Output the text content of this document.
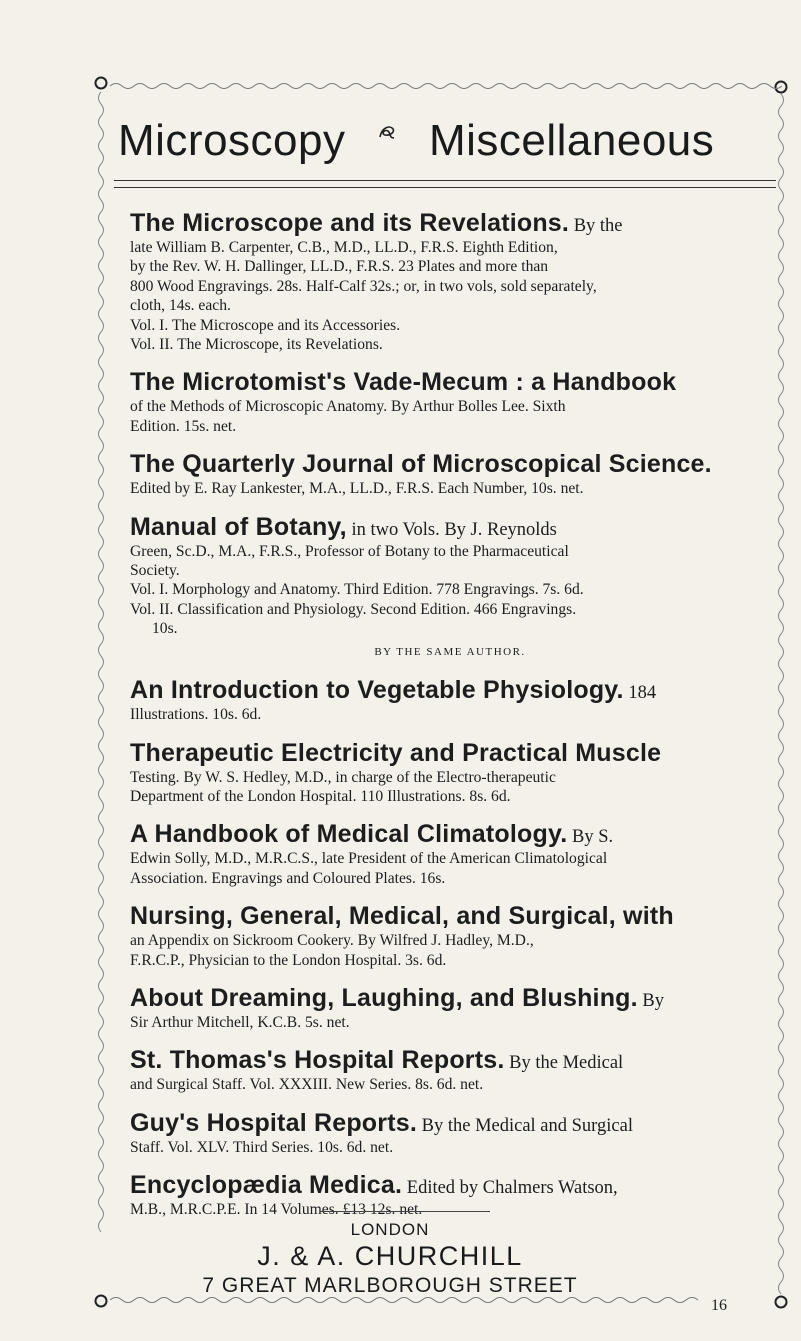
Microscopy Miscellaneous
The Microscope and its Revelations. By the
late William B. Carpenter, C.B., M.D., LL.D., F.R.S. Eighth Edition,
by the Rev. W. H. Dallinger, LL.D., F.R.S. 23 Plates and more than
800 Wood Engravings. 28s. Half-Calf 32s.; or, in two vols, sold separately,
cloth, 14s. each.
Vol. I. The Microscope and its Accessories.
Vol. II. The Microscope, its Revelations.
The Microtomist's Vade-Mecum : a Handbook
of the Methods of Microscopic Anatomy. By Arthur Bolles Lee. Sixth
Edition. 15s. net.
The Quarterly Journal of Microscopical Science.
Edited by E. Ray Lankester, M.A., LL.D., F.R.S. Each Number, 10s. net.
Manual of Botany, in two Vols. By J. Reynolds
Green, Sc.D., M.A., F.R.S., Professor of Botany to the Pharmaceutical
Society.
Vol. I. Morphology and Anatomy. Third Edition. 778 Engravings. 7s. 6d.
Vol. II. Classification and Physiology. Second Edition. 466 Engravings.
10s.
BY THE SAME AUTHOR.
An Introduction to Vegetable Physiology. 184
Illustrations. 10s. 6d.
Therapeutic Electricity and Practical Muscle
Testing. By W. S. Hedley, M.D., in charge of the Electro-therapeutic
Department of the London Hospital. 110 Illustrations. 8s. 6d.
A Handbook of Medical Climatology. By S.
Edwin Solly, M.D., M.R.C.S., late President of the American Climatological
Association. Engravings and Coloured Plates. 16s.
Nursing, General, Medical, and Surgical, with
an Appendix on Sickroom Cookery. By Wilfred J. Hadley, M.D.,
F.R.C.P., Physician to the London Hospital. 3s. 6d.
About Dreaming, Laughing, and Blushing. By
Sir Arthur Mitchell, K.C.B. 5s. net.
St. Thomas's Hospital Reports. By the Medical
and Surgical Staff. Vol. XXXIII. New Series. 8s. 6d. net.
Guy's Hospital Reports. By the Medical and Surgical
Staff. Vol. XLV. Third Series. 10s. 6d. net.
Encyclopædia Medica. Edited by Chalmers Watson,
M.B., M.R.C.P.E. In 14 Volumes. £13 12s. net.
LONDON
J. & A. CHURCHILL
7 GREAT MARLBOROUGH STREET
16
